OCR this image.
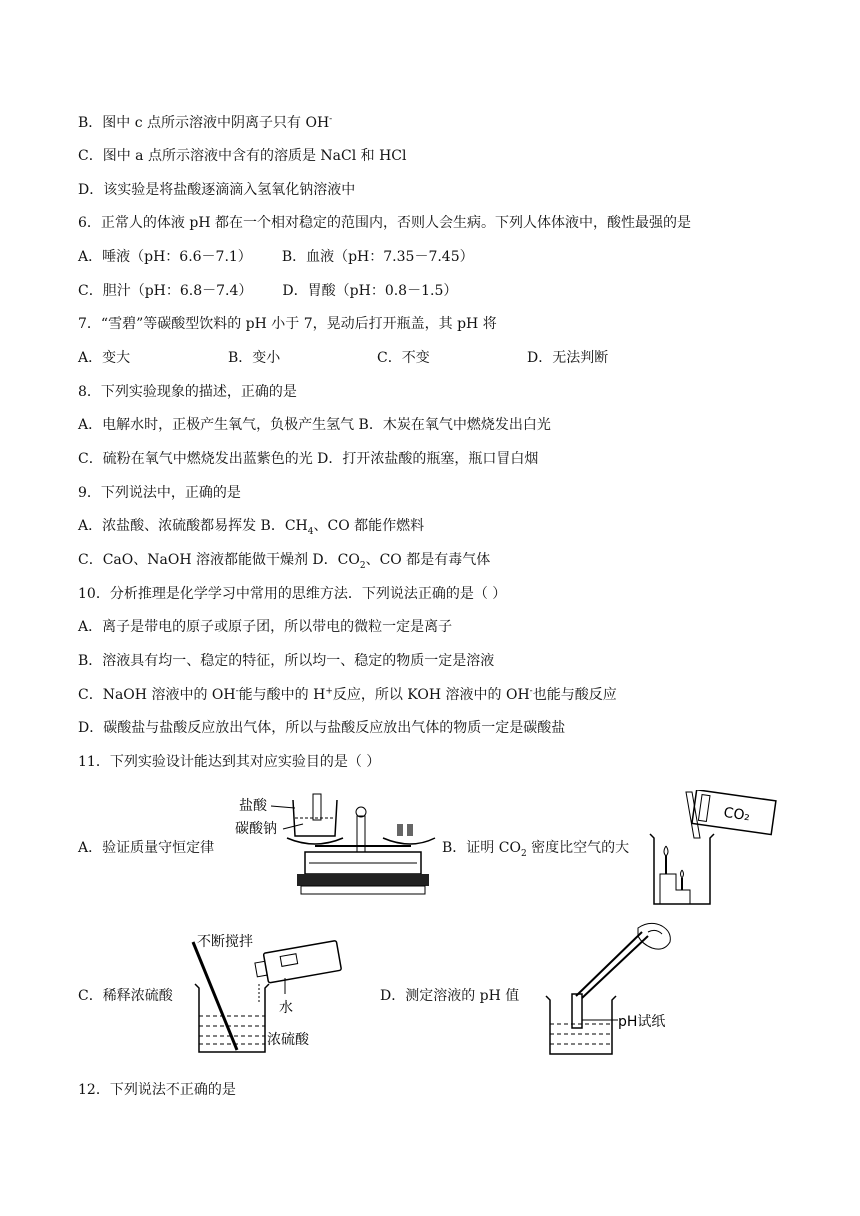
B．图中 c 点所示溶液中阴离子只有 OH-
C．图中 a 点所示溶液中含有的溶质是 NaCl 和 HCl
D．该实验是将盐酸逐滴滴入氢氧化钠溶液中
6．正常人的体液 pH 都在一个相对稳定的范围内，否则人会生病。下列人体体液中，酸性最强的是
A．唾液（pH：6.6－7.1） B．血液（pH：7.35－7.45）
C．胆汁（pH：6.8－7.4） D．胃酸（pH：0.8－1.5）
7．“雪碧”等碳酸型饮料的 pH 小于 7，晃动后打开瓶盖，其 pH 将
A．变大	B．变小	C．不变	D．无法判断
8．下列实验现象的描述，正确的是
A．电解水时，正极产生氧气，负极产生氢气 B．木炭在氧气中燃烧发出白光
C．硫粉在氧气中燃烧发出蓝紫色的光 D．打开浓盐酸的瓶塞，瓶口冒白烟
9．下列说法中，正确的是
A．浓盐酸、浓硫酸都易挥发 B．$CH_4$、CO 都能作燃料
C．CaO、NaOH 溶液都能做干燥剂 D．$CO_2$、CO 都是有毒气体
10．分析推理是化学学习中常用的思维方法．下列说法正确的是（ ）
A．离子是带电的原子或原子团，所以带电的微粒一定是离子
B．溶液具有均一、稳定的特征，所以均一、稳定的物质一定是溶液
C．NaOH 溶液中的 OH-能与酸中的 H+反应，所以 KOH 溶液中的 OH-也能与酸反应
D．碳酸盐与盐酸反应放出气体，所以与盐酸反应放出气体的物质一定是碳酸盐
11．下列实验设计能达到其对应实验目的是（ ）
A．验证质量守恒定律
盐酸
碳酸钠
B．证明 $CO_2$ 密度比空气的大
CO₂
C．稀释浓硫酸
不断搅拌
水
浓硫酸
D．测定溶液的 pH 值
pH试纸
12．下列说法不正确的是
